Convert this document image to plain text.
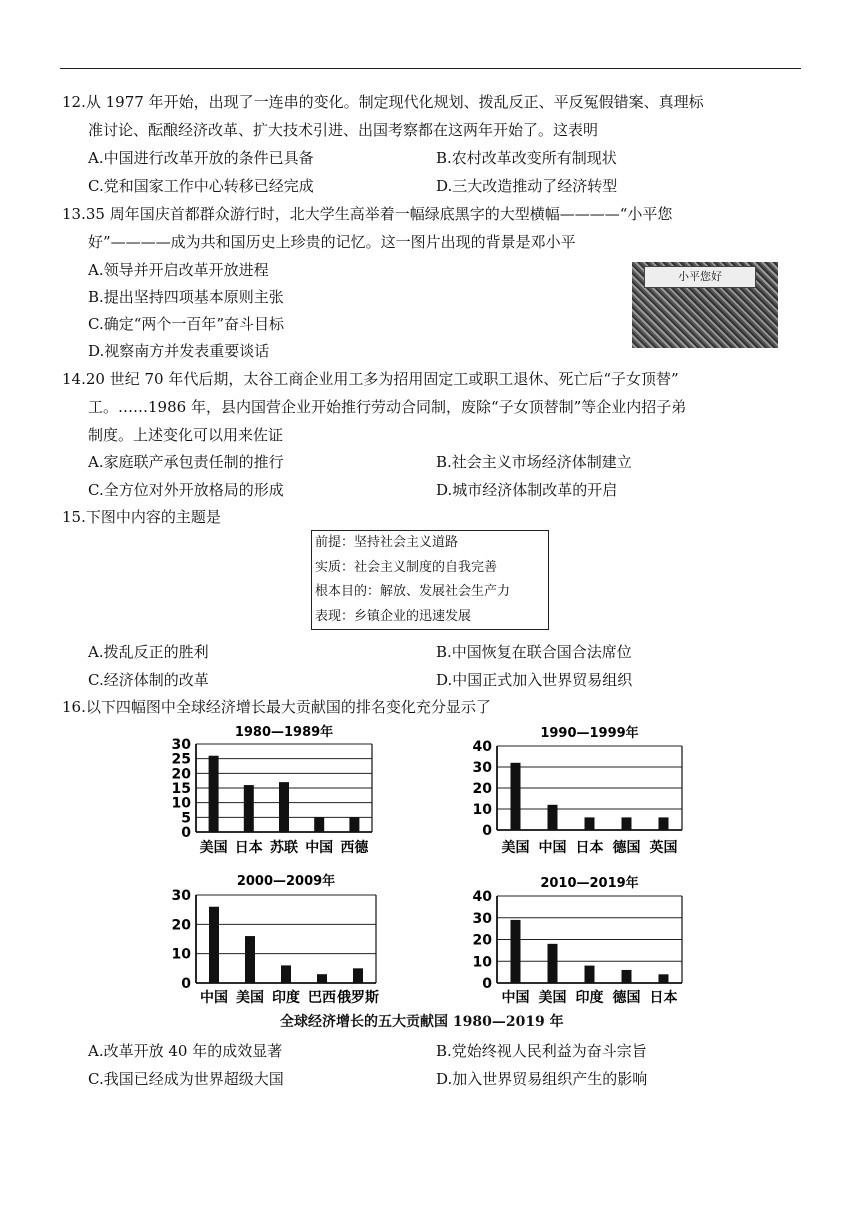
12.从 1977 年开始，出现了一连串的变化。制定现代化规划、拨乱反正、平反冤假错案、真理标
准讨论、酝酿经济改革、扩大技术引进、出国考察都在这两年开始了。这表明
A.中国进行改革开放的条件已具备	B.农村改革改变所有制现状
C.党和国家工作中心转移已经完成	D.三大改造推动了经济转型
13.35 周年国庆首都群众游行时，北大学生高举着一幅绿底黑字的大型横幅————“小平您
好”————成为共和国历史上珍贵的记忆。这一图片出现的背景是邓小平
A.领导并开启改革开放进程
B.提出坚持四项基本原则主张
C.确定“两个一百年”奋斗目标
D.视察南方并发表重要谈话
小平您好
14.20 世纪 70 年代后期，太谷工商企业用工多为招用固定工或职工退休、死亡后“子女顶替”
工。……1986 年，县内国营企业开始推行劳动合同制，废除“子女顶替制”等企业内招子弟
制度。上述变化可以用来佐证
A.家庭联产承包责任制的推行	B.社会主义市场经济体制建立
C.全方位对外开放格局的形成	D.城市经济体制改革的开启
15.下图中内容的主题是
前提：坚持社会主义道路
实质：社会主义制度的自我完善
根本目的：解放、发展社会生产力
表现：乡镇企业的迅速发展
A.拨乱反正的胜利	B.中国恢复在联合国合法席位
C.经济体制的改革	D.中国正式加入世界贸易组织
16.以下四幅图中全球经济增长最大贡献国的排名变化充分显示了
1980—1989年
0
5
10
15
20
25
30
美国 日本 苏联 中国 西德
1990—1999年
0
10
20
30
40
美国 中国 日本 德国 英国
2000—2009年
0
10
20
30
中国 美国 印度 巴西 俄罗斯
2010—2019年
0
10
20
30
40
中国 美国 印度 德国 日本
全球经济增长的五大贡献国 1980—2019 年
A.改革开放 40 年的成效显著	B.党始终视人民利益为奋斗宗旨
C.我国已经成为世界超级大国	D.加入世界贸易组织产生的影响
